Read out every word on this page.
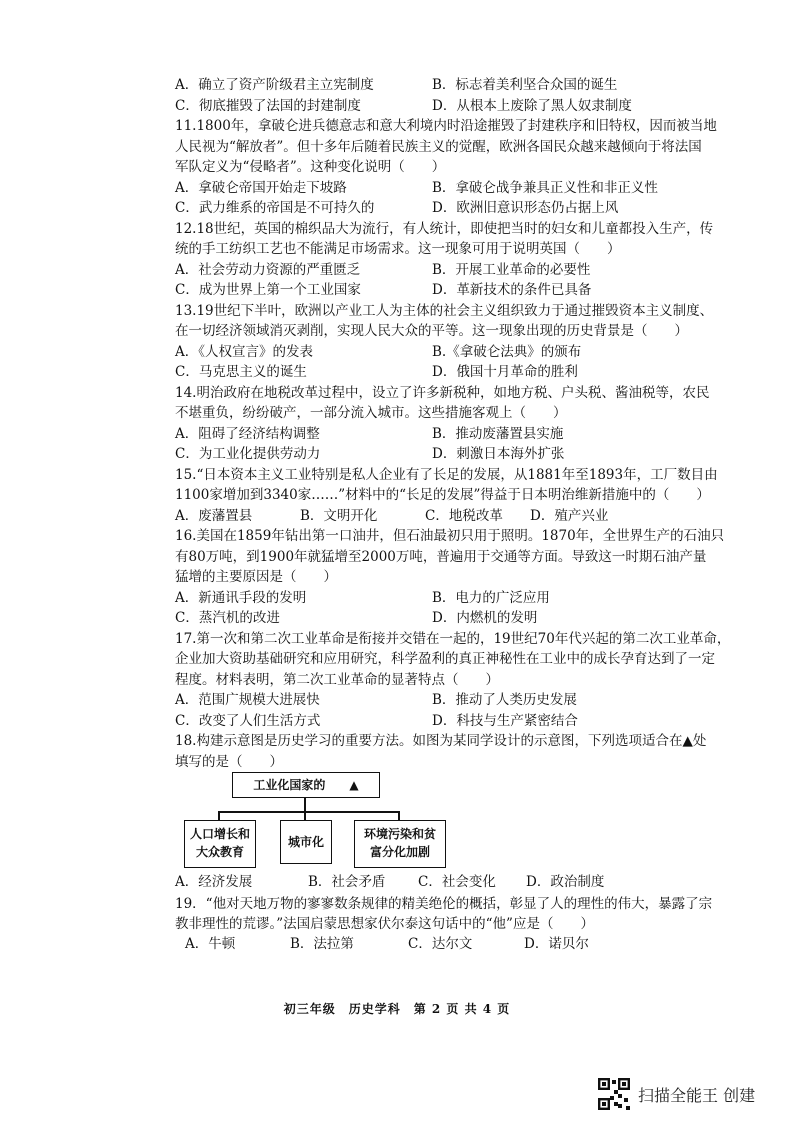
A．确立了资产阶级君主立宪制度	B．标志着美利坚合众国的诞生
C．彻底摧毁了法国的封建制度	D．从根本上废除了黑人奴隶制度
11.1800年，拿破仑进兵德意志和意大利境内时沿途摧毁了封建秩序和旧特权，因而被当地
人民视为“解放者”。但十多年后随着民族主义的觉醒，欧洲各国民众越来越倾向于将法国
军队定义为“侵略者”。这种变化说明（　　）
A．拿破仑帝国开始走下坡路	B．拿破仑战争兼具正义性和非正义性
C．武力维系的帝国是不可持久的	D．欧洲旧意识形态仍占据上风
12.18世纪，英国的棉织品大为流行，有人统计，即使把当时的妇女和儿童都投入生产，传
统的手工纺织工艺也不能满足市场需求。这一现象可用于说明英国（　　）
A．社会劳动力资源的严重匮乏	B．开展工业革命的必要性
C．成为世界上第一个工业国家	D．革新技术的条件已具备
13.19世纪下半叶，欧洲以产业工人为主体的社会主义组织致力于通过摧毁资本主义制度、
在一切经济领域消灭剥削，实现人民大众的平等。这一现象出现的历史背景是（　　）
A．《人权宣言》的发表	B.《拿破仑法典》的颁布
C．马克思主义的诞生	D．俄国十月革命的胜利
14.明治政府在地税改革过程中，设立了许多新税种，如地方税、户头税、酱油税等，农民
不堪重负，纷纷破产，一部分流入城市。这些措施客观上（　　）
A．阻碍了经济结构调整	B．推动废藩置县实施
C．为工业化提供劳动力	D．刺激日本海外扩张
15.“日本资本主义工业特别是私人企业有了长足的发展，从1881年至1893年，工厂数目由
1100家增加到3340家……”材料中的“长足的发展”得益于日本明治维新措施中的（　　）
A．废藩置县	B．文明开化	C．地税改革 D．殖产兴业
16.美国在1859年钻出第一口油井，但石油最初只用于照明。1870年，全世界生产的石油只
有80万吨，到1900年就猛增至2000万吨，普遍用于交通等方面。导致这一时期石油产量
猛增的主要原因是（　　）
A．新通讯手段的发明	B．电力的广泛应用
C．蒸汽机的改进	D．内燃机的发明
17.第一次和第二次工业革命是衔接并交错在一起的，19世纪70年代兴起的第二次工业革命，
企业加大资助基础研究和应用研究，科学盈利的真正神秘性在工业中的成长孕育达到了一定
程度。材料表明，第二次工业革命的显著特点（　　）
A．范围广规模大进展快	B．推动了人类历史发展
C．改变了人们生活方式	D．科技与生产紧密结合
18.构建示意图是历史学习的重要方法。如图为某同学设计的示意图，下列选项适合在▲处
填写的是（　　）
工业化国家的　　▲
人口增长和
大众教育
城市化
环境污染和贫
富分化加剧
A．经济发展	B．社会矛盾 C．社会变化 D．政治制度
19．“他对天地万物的寥寥数条规律的精美绝伦的概括，彰显了人的理性的伟大，暴露了宗
教非理性的荒谬。”法国启蒙思想家伏尔泰这句话中的“他”应是（　　）
A．牛顿	B．法拉第	C．达尔文	D．诺贝尔
初三年级　历史学科　第 2 页 共 4 页
扫描全能王 创建
